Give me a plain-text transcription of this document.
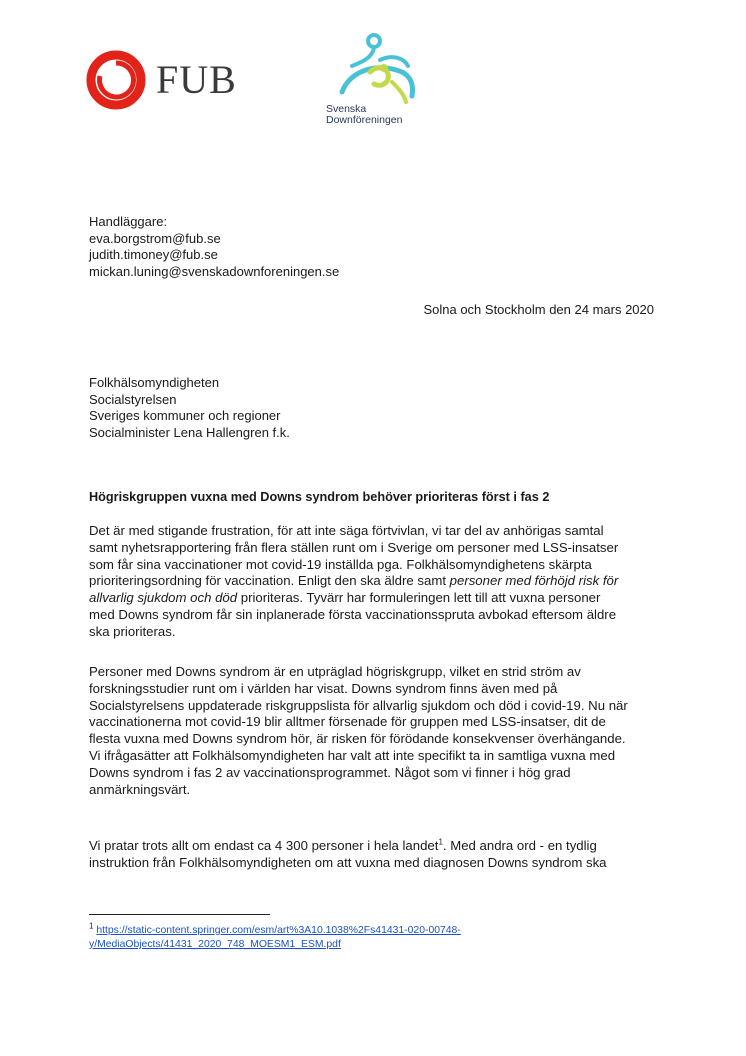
FUB
Svenska
Downföreningen
Handläggare:
eva.borgstrom@fub.se
judith.timoney@fub.se
mickan.luning@svenskadownforeningen.se
Solna och Stockholm den 24 mars 2020
Folkhälsomyndigheten
Socialstyrelsen
Sveriges kommuner och regioner
Socialminister Lena Hallengren f.k.
Högriskgruppen vuxna med Downs syndrom behöver prioriteras först i fas 2
Det är med stigande frustration, för att inte säga förtvivlan, vi tar del av anhörigas samtal
samt nyhetsrapportering från flera ställen runt om i Sverige om personer med LSS-insatser
som får sina vaccinationer mot covid-19 inställda pga. Folkhälsomyndighetens skärpta
prioriteringsordning för vaccination. Enligt den ska äldre samt personer med förhöjd risk för
allvarlig sjukdom och död prioriteras. Tyvärr har formuleringen lett till att vuxna personer
med Downs syndrom får sin inplanerade första vaccinationsspruta avbokad eftersom äldre
ska prioriteras.
Personer med Downs syndrom är en utpräglad högriskgrupp, vilket en strid ström av
forskningsstudier runt om i världen har visat. Downs syndrom finns även med på
Socialstyrelsens uppdaterade riskgruppslista för allvarlig sjukdom och död i covid-19. Nu när
vaccinationerna mot covid-19 blir alltmer försenade för gruppen med LSS-insatser, dit de
flesta vuxna med Downs syndrom hör, är risken för förödande konsekvenser överhängande.
Vi ifrågasätter att Folkhälsomyndigheten har valt att inte specifikt ta in samtliga vuxna med
Downs syndrom i fas 2 av vaccinationsprogrammet. Något som vi finner i hög grad
anmärkningsvärt.
Vi pratar trots allt om endast ca 4 300 personer i hela landet$^1$. Med andra ord - en tydlig
instruktion från Folkhälsomyndigheten om att vuxna med diagnosen Downs syndrom ska
$^1$ https://static-content.springer.com/esm/art%3A10.1038%2Fs41431-020-00748-
y/MediaObjects/41431_2020_748_MOESM1_ESM.pdf
